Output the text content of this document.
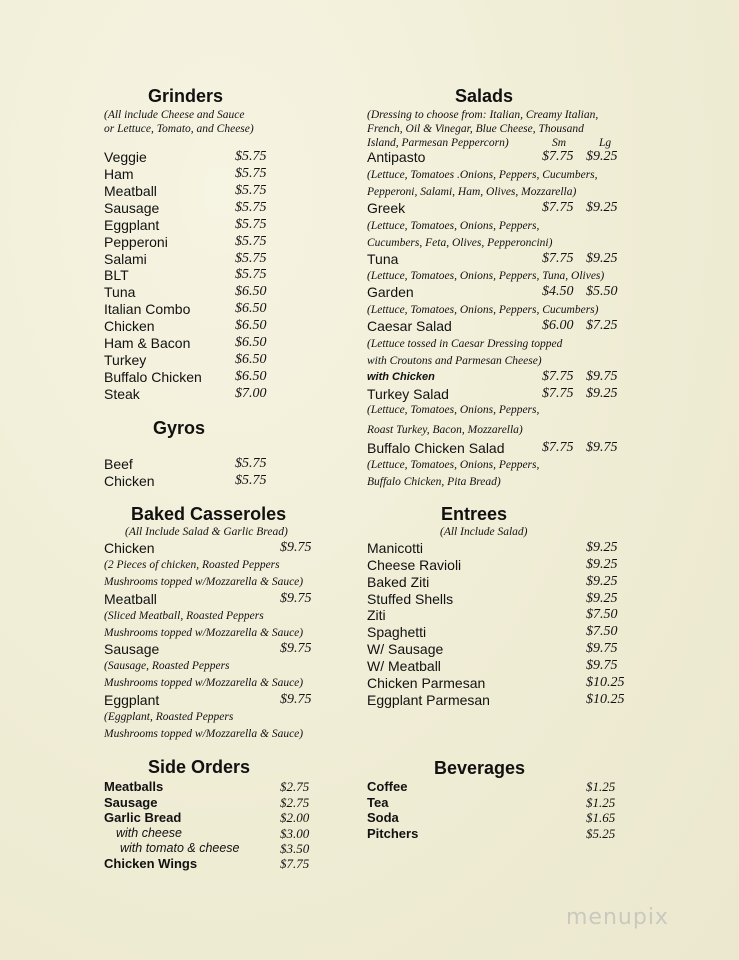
Grinders
(All include Cheese and Sauce
or Lettuce, Tomato, and Cheese)
Veggie	$5.75
Ham	$5.75
Meatball	$5.75
Sausage	$5.75
Eggplant	$5.75
Pepperoni	$5.75
Salami	$5.75
BLT	$5.75
Tuna	$6.50
Italian Combo	$6.50
Chicken	$6.50
Ham & Bacon	$6.50
Turkey	$6.50
Buffalo Chicken $6.50
Steak	$7.00
Gyros
Beef	$5.75
Chicken	$5.75
Baked Casseroles
(All Include Salad & Garlic Bread)
Chicken	$9.75
(2 Pieces of chicken, Roasted Peppers
Mushrooms topped w/Mozzarella & Sauce)
Meatball	$9.75
(Sliced Meatball, Roasted Peppers
Mushrooms topped w/Mozzarella & Sauce)
Sausage	$9.75
(Sausage, Roasted Peppers
Mushrooms topped w/Mozzarella & Sauce)
Eggplant	$9.75
(Eggplant, Roasted Peppers
Mushrooms topped w/Mozzarella & Sauce)
Side Orders
Meatballs	$2.75
Sausage	$2.75
Garlic Bread	$2.00
with cheese	$3.00
with tomato & cheese	$3.50
Chicken Wings	$7.75
Salads
(Dressing to choose from: Italian, Creamy Italian,
French, Oil & Vinegar, Blue Cheese, Thousand
Island, Parmesan Peppercorn)	Sm	Lg
Antipasto	$7.75 $9.25
(Lettuce, Tomatoes .Onions, Peppers, Cucumbers,
Pepperoni, Salami, Ham, Olives, Mozzarella)
Greek	$7.75 $9.25
(Lettuce, Tomatoes, Onions, Peppers,
Cucumbers, Feta, Olives, Pepperoncini)
Tuna	$7.75 $9.25
(Lettuce, Tomatoes, Onions, Peppers, Tuna, Olives)
Garden	$4.50 $5.50
(Lettuce, Tomatoes, Onions, Peppers, Cucumbers)
Caesar Salad	$6.00 $7.25
(Lettuce tossed in Caesar Dressing topped
with Croutons and Parmesan Cheese)
with Chicken	$7.75 $9.75
Turkey Salad	$7.75 $9.25
(Lettuce, Tomatoes, Onions, Peppers,
Roast Turkey, Bacon, Mozzarella)
Buffalo Chicken Salad	$7.75 $9.75
(Lettuce, Tomatoes, Onions, Peppers,
Buffalo Chicken, Pita Bread)
Entrees
(All Include Salad)
Manicotti	$9.25
Cheese Ravioli	$9.25
Baked Ziti	$9.25
Stuffed Shells	$9.25
Ziti	$7.50
Spaghetti	$7.50
W/ Sausage	$9.75
W/ Meatball	$9.75
Chicken Parmesan	$10.25
Eggplant Parmesan	$10.25
Beverages
Coffee	$1.25
Tea	$1.25
Soda	$1.65
Pitchers	$5.25
menupix
